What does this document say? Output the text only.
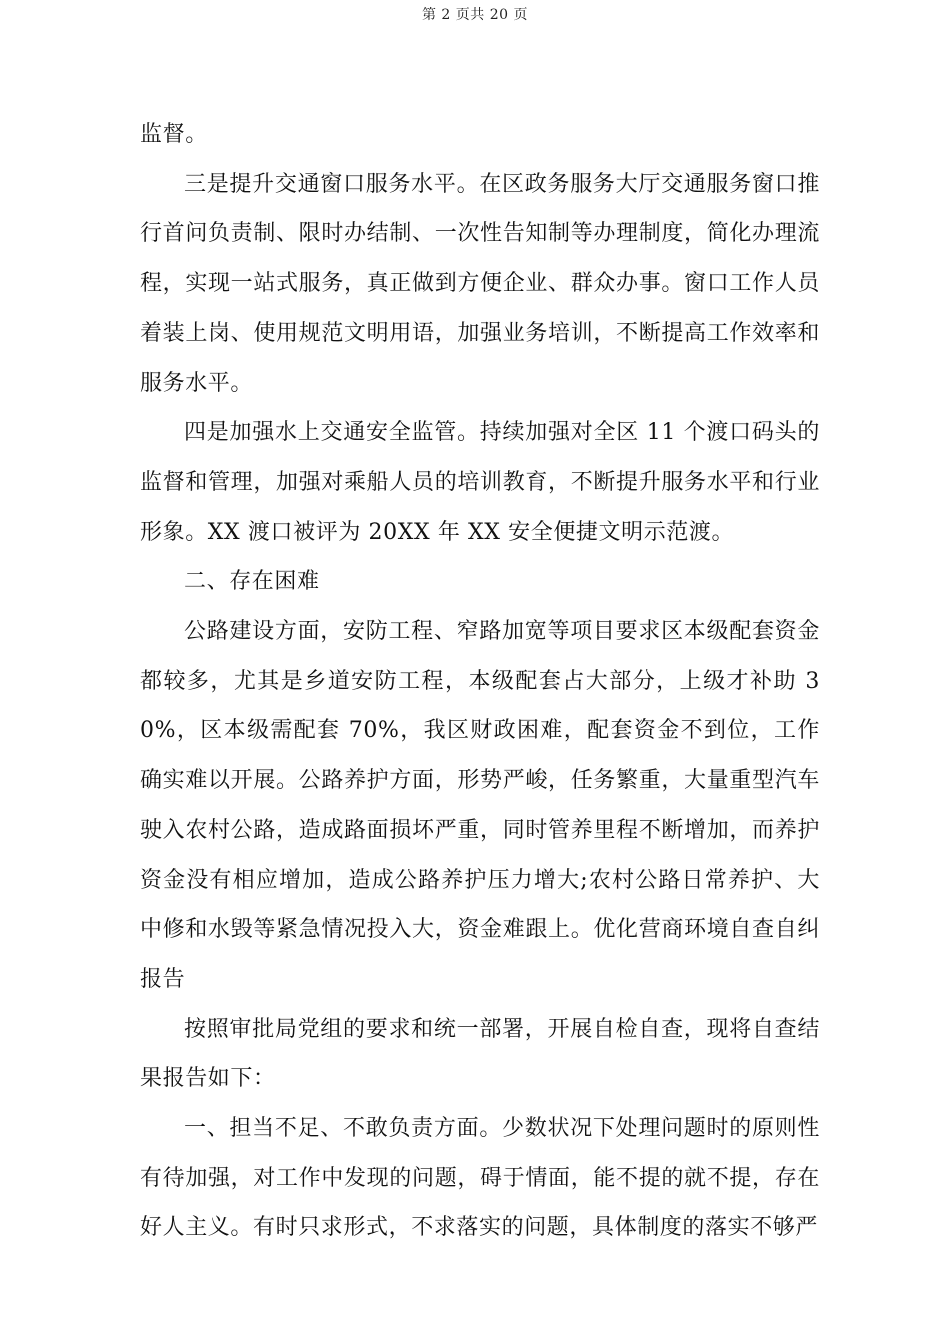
第 2 页共 20 页

监督。

三是提升交通窗口服务水平。在区政务服务大厅交通服务窗口推行首问负责制、限时办结制、一次性告知制等办理制度，简化办理流程，实现一站式服务，真正做到方便企业、群众办事。窗口工作人员着装上岗、使用规范文明用语，加强业务培训，不断提高工作效率和服务水平。

四是加强水上交通安全监管。持续加强对全区 11 个渡口码头的监督和管理，加强对乘船人员的培训教育，不断提升服务水平和行业形象。XX 渡口被评为 20XX 年 XX 安全便捷文明示范渡。

二、存在困难

公路建设方面，安防工程、窄路加宽等项目要求区本级配套资金都较多，尤其是乡道安防工程，本级配套占大部分，上级才补助 30%，区本级需配套 70%，我区财政困难，配套资金不到位，工作确实难以开展。公路养护方面，形势严峻，任务繁重，大量重型汽车驶入农村公路，造成路面损坏严重，同时管养里程不断增加，而养护资金没有相应增加，造成公路养护压力增大;农村公路日常养护、大中修和水毁等紧急情况投入大，资金难跟上。优化营商环境自查自纠报告

按照审批局党组的要求和统一部署，开展自检自查，现将自查结果报告如下：

一、担当不足、不敢负责方面。少数状况下处理问题时的原则性有待加强，对工作中发现的问题，碍于情面，能不提的就不提，存在好人主义。有时只求形式，不求落实的问题，具体制度的落实不够严
